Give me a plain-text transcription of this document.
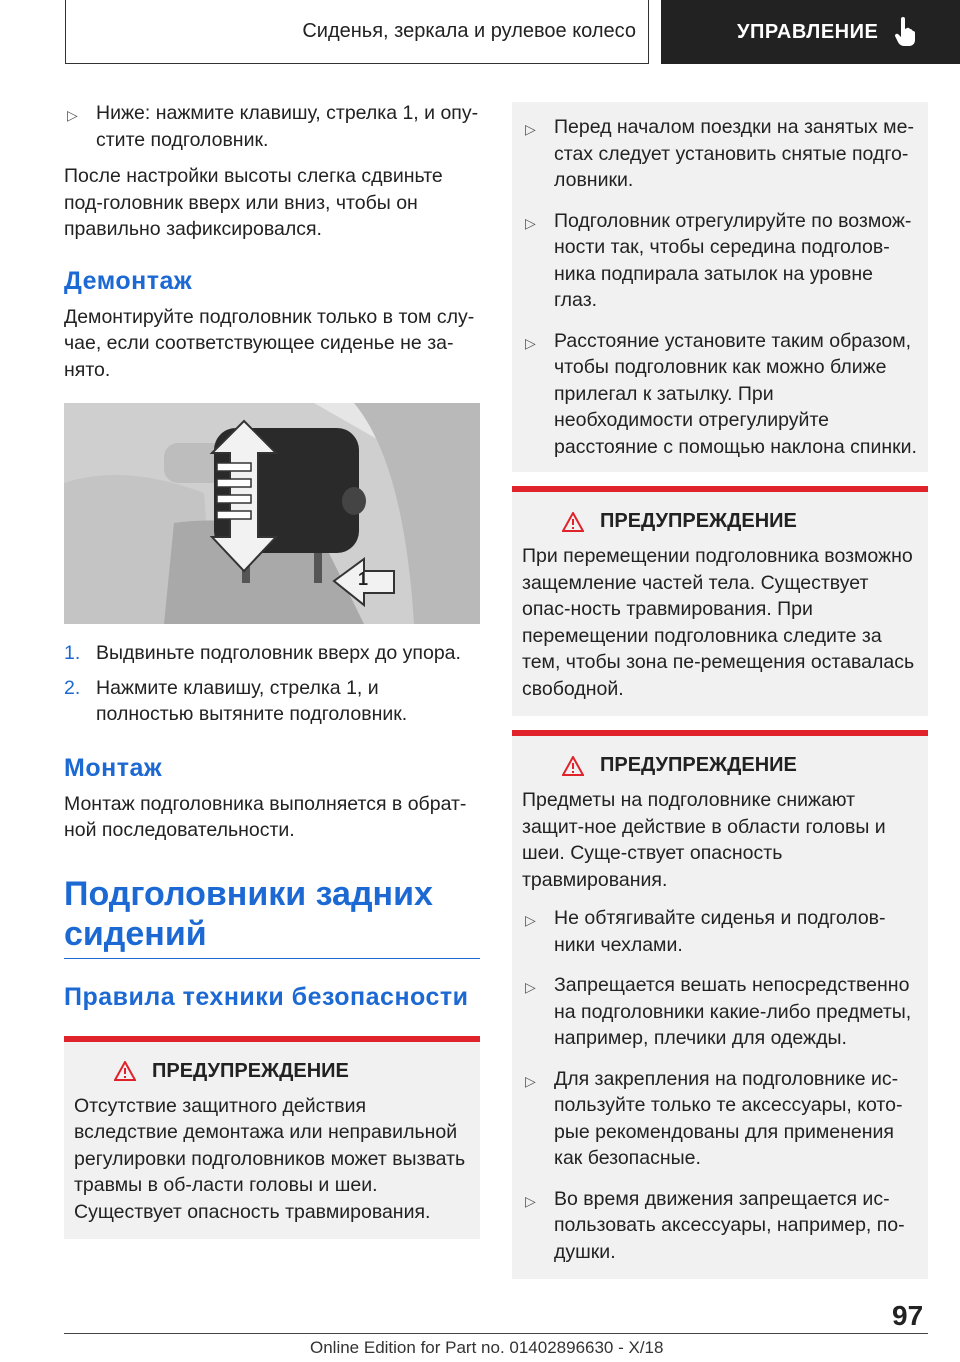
Сиденья, зеркала и рулевое колесо	УПРАВЛЕНИЕ
▷ Ниже: нажмите клавишу, стрелка 1, и опу-стите подголовник.

После настройки высоты слегка сдвиньте под-головник вверх или вниз, чтобы он правильно зафиксировался.

Демонтаж

Демонтируйте подголовник только в том слу-чае, если соответствующее сиденье не за-нято.

1
1. Выдвиньте подголовник вверх до упора.
2. Нажмите клавишу, стрелка 1, и полностью вытяните подголовник.
Монтаж

Монтаж подголовника выполняется в обрат-ной последовательности.

Подголовники задних сидений
Правила техники безопасности
ПРЕДУПРЕЖДЕНИЕ

Отсутствие защитного действия вследствие демонтажа или неправильной регулировки подголовников может вызвать травмы в об-ласти головы и шеи. Существует опасность травмирования.

▷ Перед началом поездки на занятых ме-стах следует установить снятые подго-ловники.
▷ Подголовник отрегулируйте по возмож-ности так, чтобы середина подголов-ника подпирала затылок на уровне глаз.
▷ Расстояние установите таким образом, чтобы подголовник как можно ближе прилегал к затылку. При необходимости отрегулируйте расстояние с помощью наклона спинки.
ПРЕДУПРЕЖДЕНИЕ

При перемещении подголовника возможно защемление частей тела. Существует опас-ность травмирования. При перемещении подголовника следите за тем, чтобы зона пе-ремещения оставалась свободной.

ПРЕДУПРЕЖДЕНИЕ

Предметы на подголовнике снижают защит-ное действие в области головы и шеи. Суще-ствует опасность травмирования.

▷ Не обтягивайте сиденья и подголов-ники чехлами.
▷ Запрещается вешать непосредственно на подголовники какие-либо предметы, например, плечики для одежды.
▷ Для закрепления на подголовнике ис-пользуйте только те аксессуары, кото-рые рекомендованы для применения как безопасные.
▷ Во время движения запрещается ис-пользовать аксессуары, например, по-душки.
97
Online Edition for Part no. 01402896630 - X/18
